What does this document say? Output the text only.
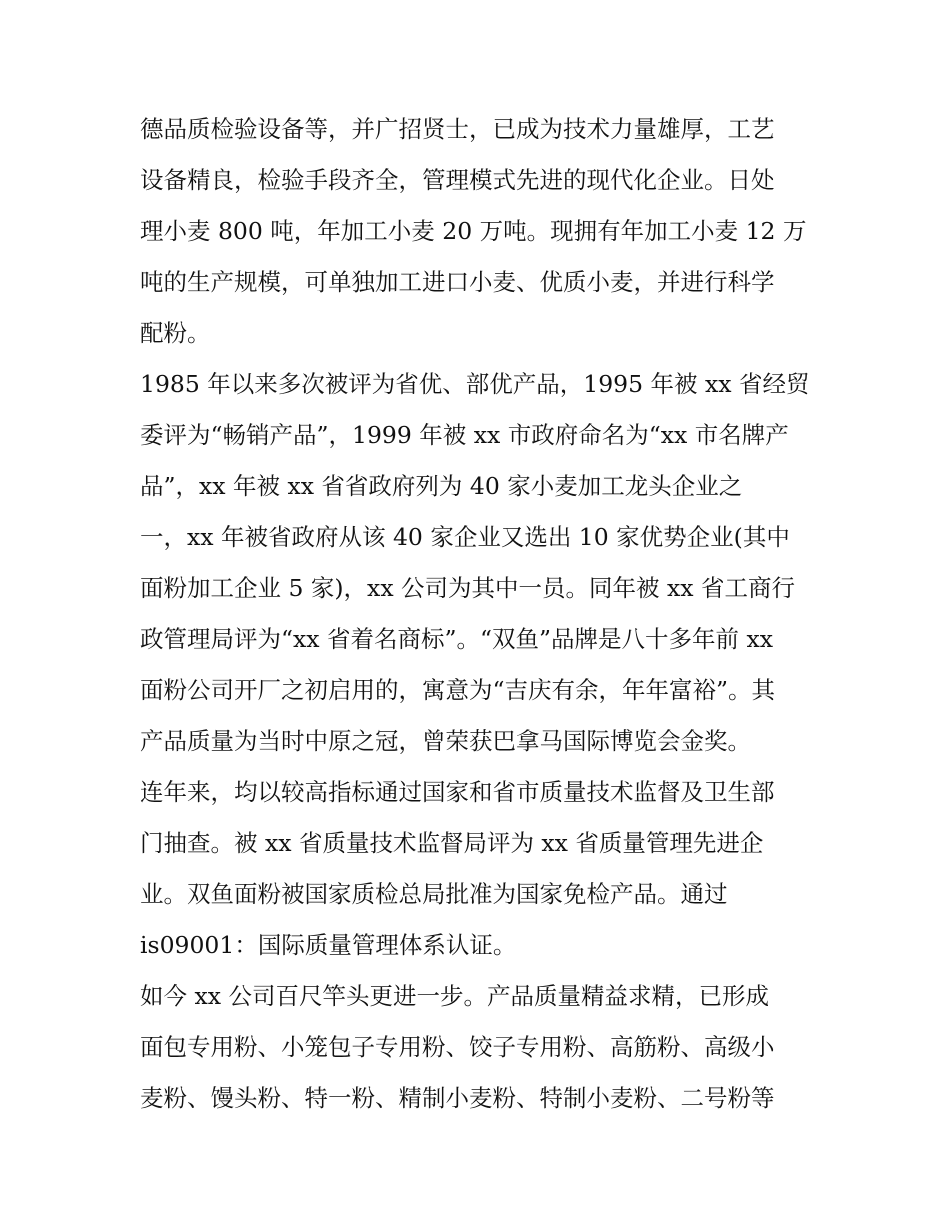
德品质检验设备等，并广招贤士，已成为技术力量雄厚，工艺
设备精良，检验手段齐全，管理模式先进的现代化企业。日处
理小麦 800 吨，年加工小麦 20 万吨。现拥有年加工小麦 12 万
吨的生产规模，可单独加工进口小麦、优质小麦，并进行科学
配粉。
1985 年以来多次被评为省优、部优产品，1995 年被 xx 省经贸
委评为“畅销产品”，1999 年被 xx 市政府命名为“xx 市名牌产
品”，xx 年被 xx 省省政府列为 40 家小麦加工龙头企业之
一，xx 年被省政府从该 40 家企业又选出 10 家优势企业(其中
面粉加工企业 5 家)，xx 公司为其中一员。同年被 xx 省工商行
政管理局评为“xx 省着名商标”。“双鱼”品牌是八十多年前 xx
面粉公司开厂之初启用的，寓意为“吉庆有余，年年富裕”。其
产品质量为当时中原之冠，曾荣获巴拿马国际博览会金奖。
连年来，均以较高指标通过国家和省市质量技术监督及卫生部
门抽查。被 xx 省质量技术监督局评为 xx 省质量管理先进企
业。双鱼面粉被国家质检总局批准为国家免检产品。通过
is09001：国际质量管理体系认证。
如今 xx 公司百尺竿头更进一步。产品质量精益求精，已形成
面包专用粉、小笼包子专用粉、饺子专用粉、高筋粉、高级小
麦粉、馒头粉、特一粉、精制小麦粉、特制小麦粉、二号粉等
